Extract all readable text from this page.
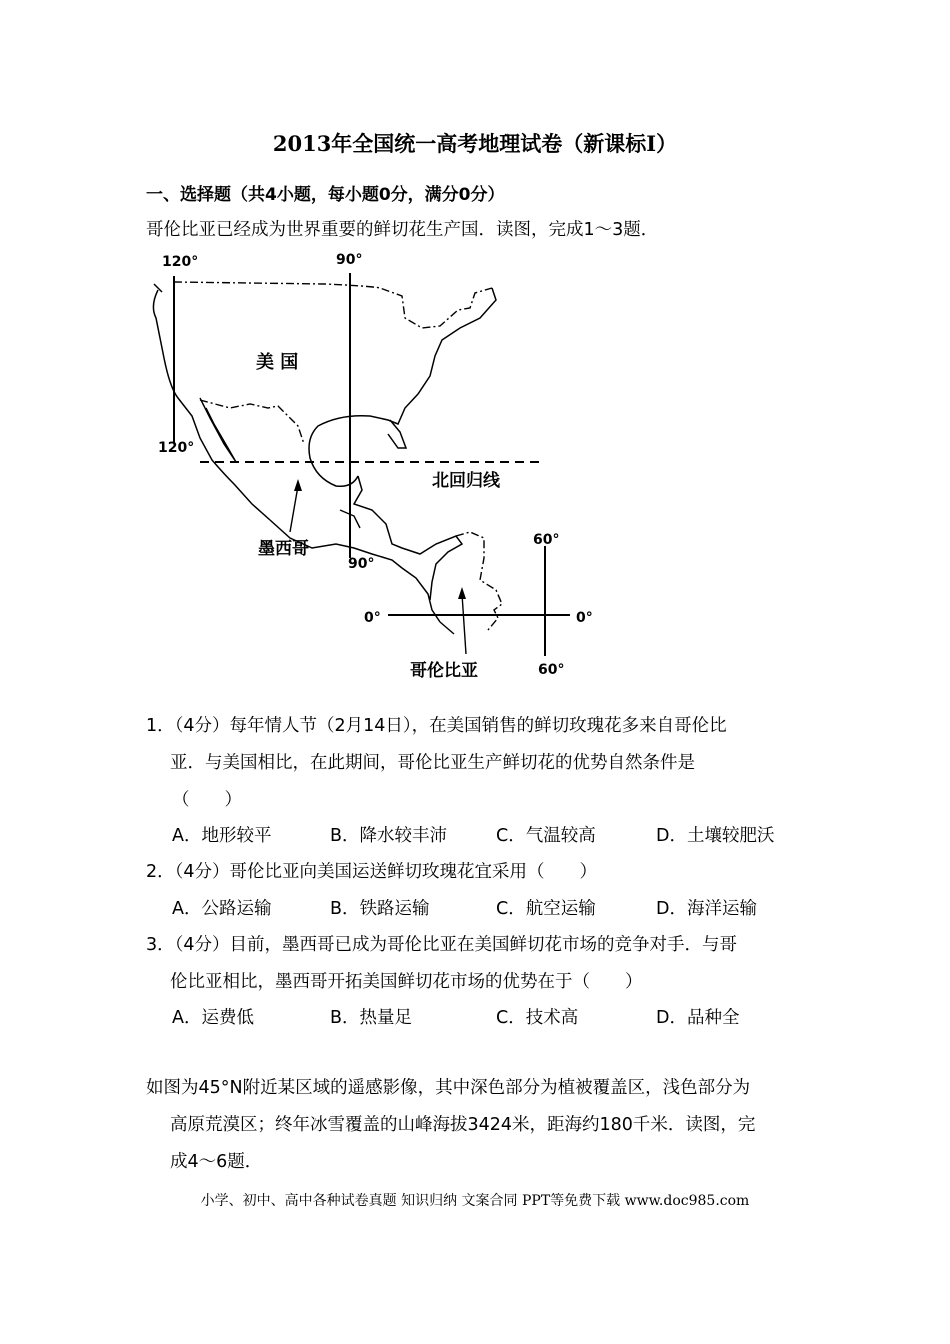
2013年全国统一高考地理试卷（新课标Ⅰ）
一、选择题（共4小题，每小题0分，满分0分）
哥伦比亚已经成为世界重要的鲜切花生产国．读图，完成1～3题．
120°	90°
120°
90°
60°
60°
0°	0°
美 国
北回归线
墨西哥
哥伦比亚
1．（4分）每年情人节（2月14日），在美国销售的鲜切玫瑰花多来自哥伦比
亚．与美国相比，在此期间，哥伦比亚生产鲜切花的优势自然条件是
（　　）
A．地形较平	B．降水较丰沛	C．气温较高	D．土壤较肥沃
2．（4分）哥伦比亚向美国运送鲜切玫瑰花宜采用（　　）
A．公路运输	B．铁路运输	C．航空运输	D．海洋运输
3．（4分）目前，墨西哥已成为哥伦比亚在美国鲜切花市场的竞争对手．与哥
伦比亚相比，墨西哥开拓美国鲜切花市场的优势在于（　　）
A．运费低	B．热量足	C．技术高	D．品种全
如图为45°N附近某区域的遥感影像，其中深色部分为植被覆盖区，浅色部分为
高原荒漠区；终年冰雪覆盖的山峰海拔3424米，距海约180千米．读图，完
成4～6题．
小学、初中、高中各种试卷真题 知识归纳 文案合同 PPT等免费下载 www.doc985.com
